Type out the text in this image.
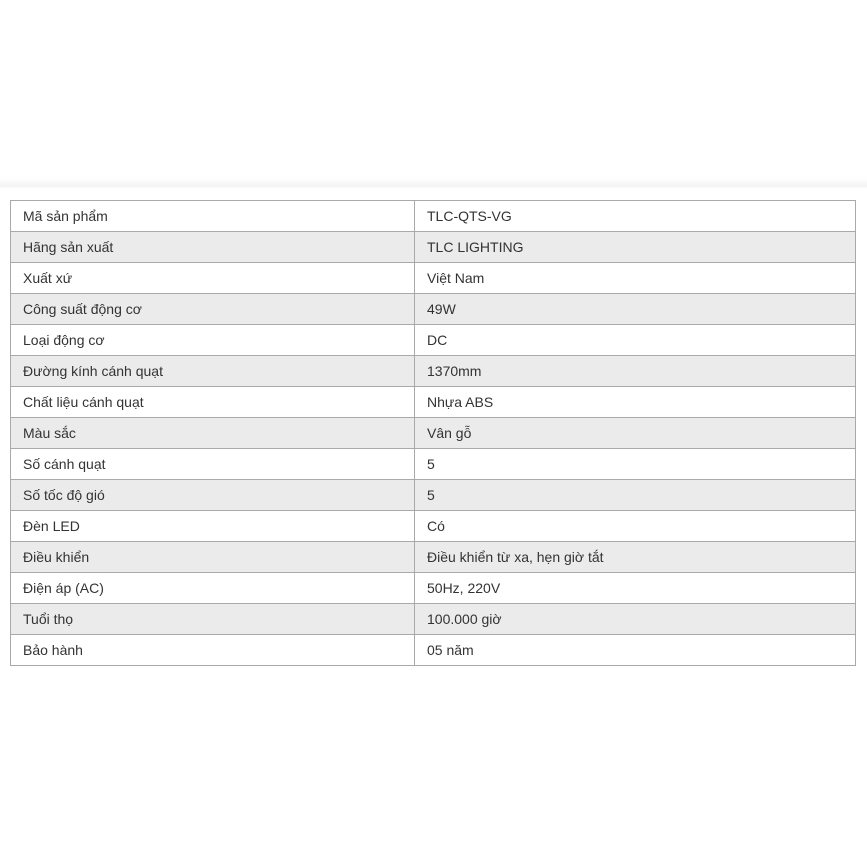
Mã sản phẩm	TLC-QTS-VG
Hãng sản xuất	TLC LIGHTING
Xuất xứ	Việt Nam
Công suất động cơ	49W
Loại động cơ	DC
Đường kính cánh quạt	1370mm
Chất liệu cánh quạt	Nhựa ABS
Màu sắc	Vân gỗ
Số cánh quạt	5
Số tốc độ gió	5
Đèn LED	Có
Điều khiển	Điều khiển từ xa, hẹn giờ tắt
Điện áp (AC)	50Hz, 220V
Tuổi thọ	100.000 giờ
Bảo hành	05 năm
